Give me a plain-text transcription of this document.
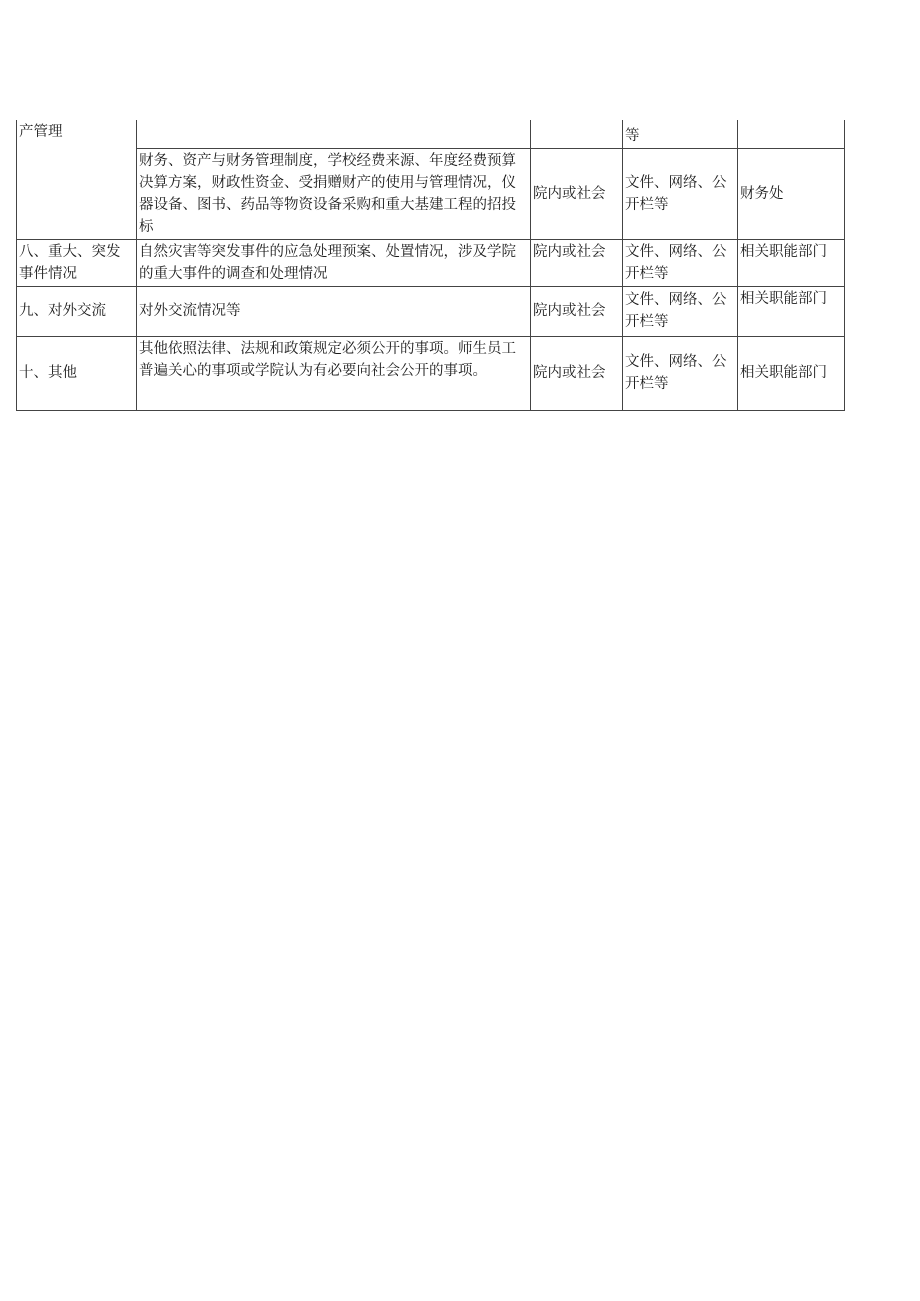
产管理			等	
	财务、资产与财务管理制度，学校经费来源、年度经费预算决算方案，财政性资金、受捐赠财产的使用与管理情况，仪器设备、图书、药品等物资设备采购和重大基建工程的招投标	院内或社会	文件、网络、公开栏等	财务处
八、重大、突发事件情况	自然灾害等突发事件的应急处理预案、处置情况，涉及学院的重大事件的调查和处理情况	院内或社会	文件、网络、公开栏等	相关职能部门
九、对外交流	对外交流情况等	院内或社会	文件、网络、公开栏等	相关职能部门
十、其他	其他依照法律、法规和政策规定必须公开的事项。师生员工普遍关心的事项或学院认为有必要向社会公开的事项。	院内或社会	文件、网络、公开栏等	相关职能部门
